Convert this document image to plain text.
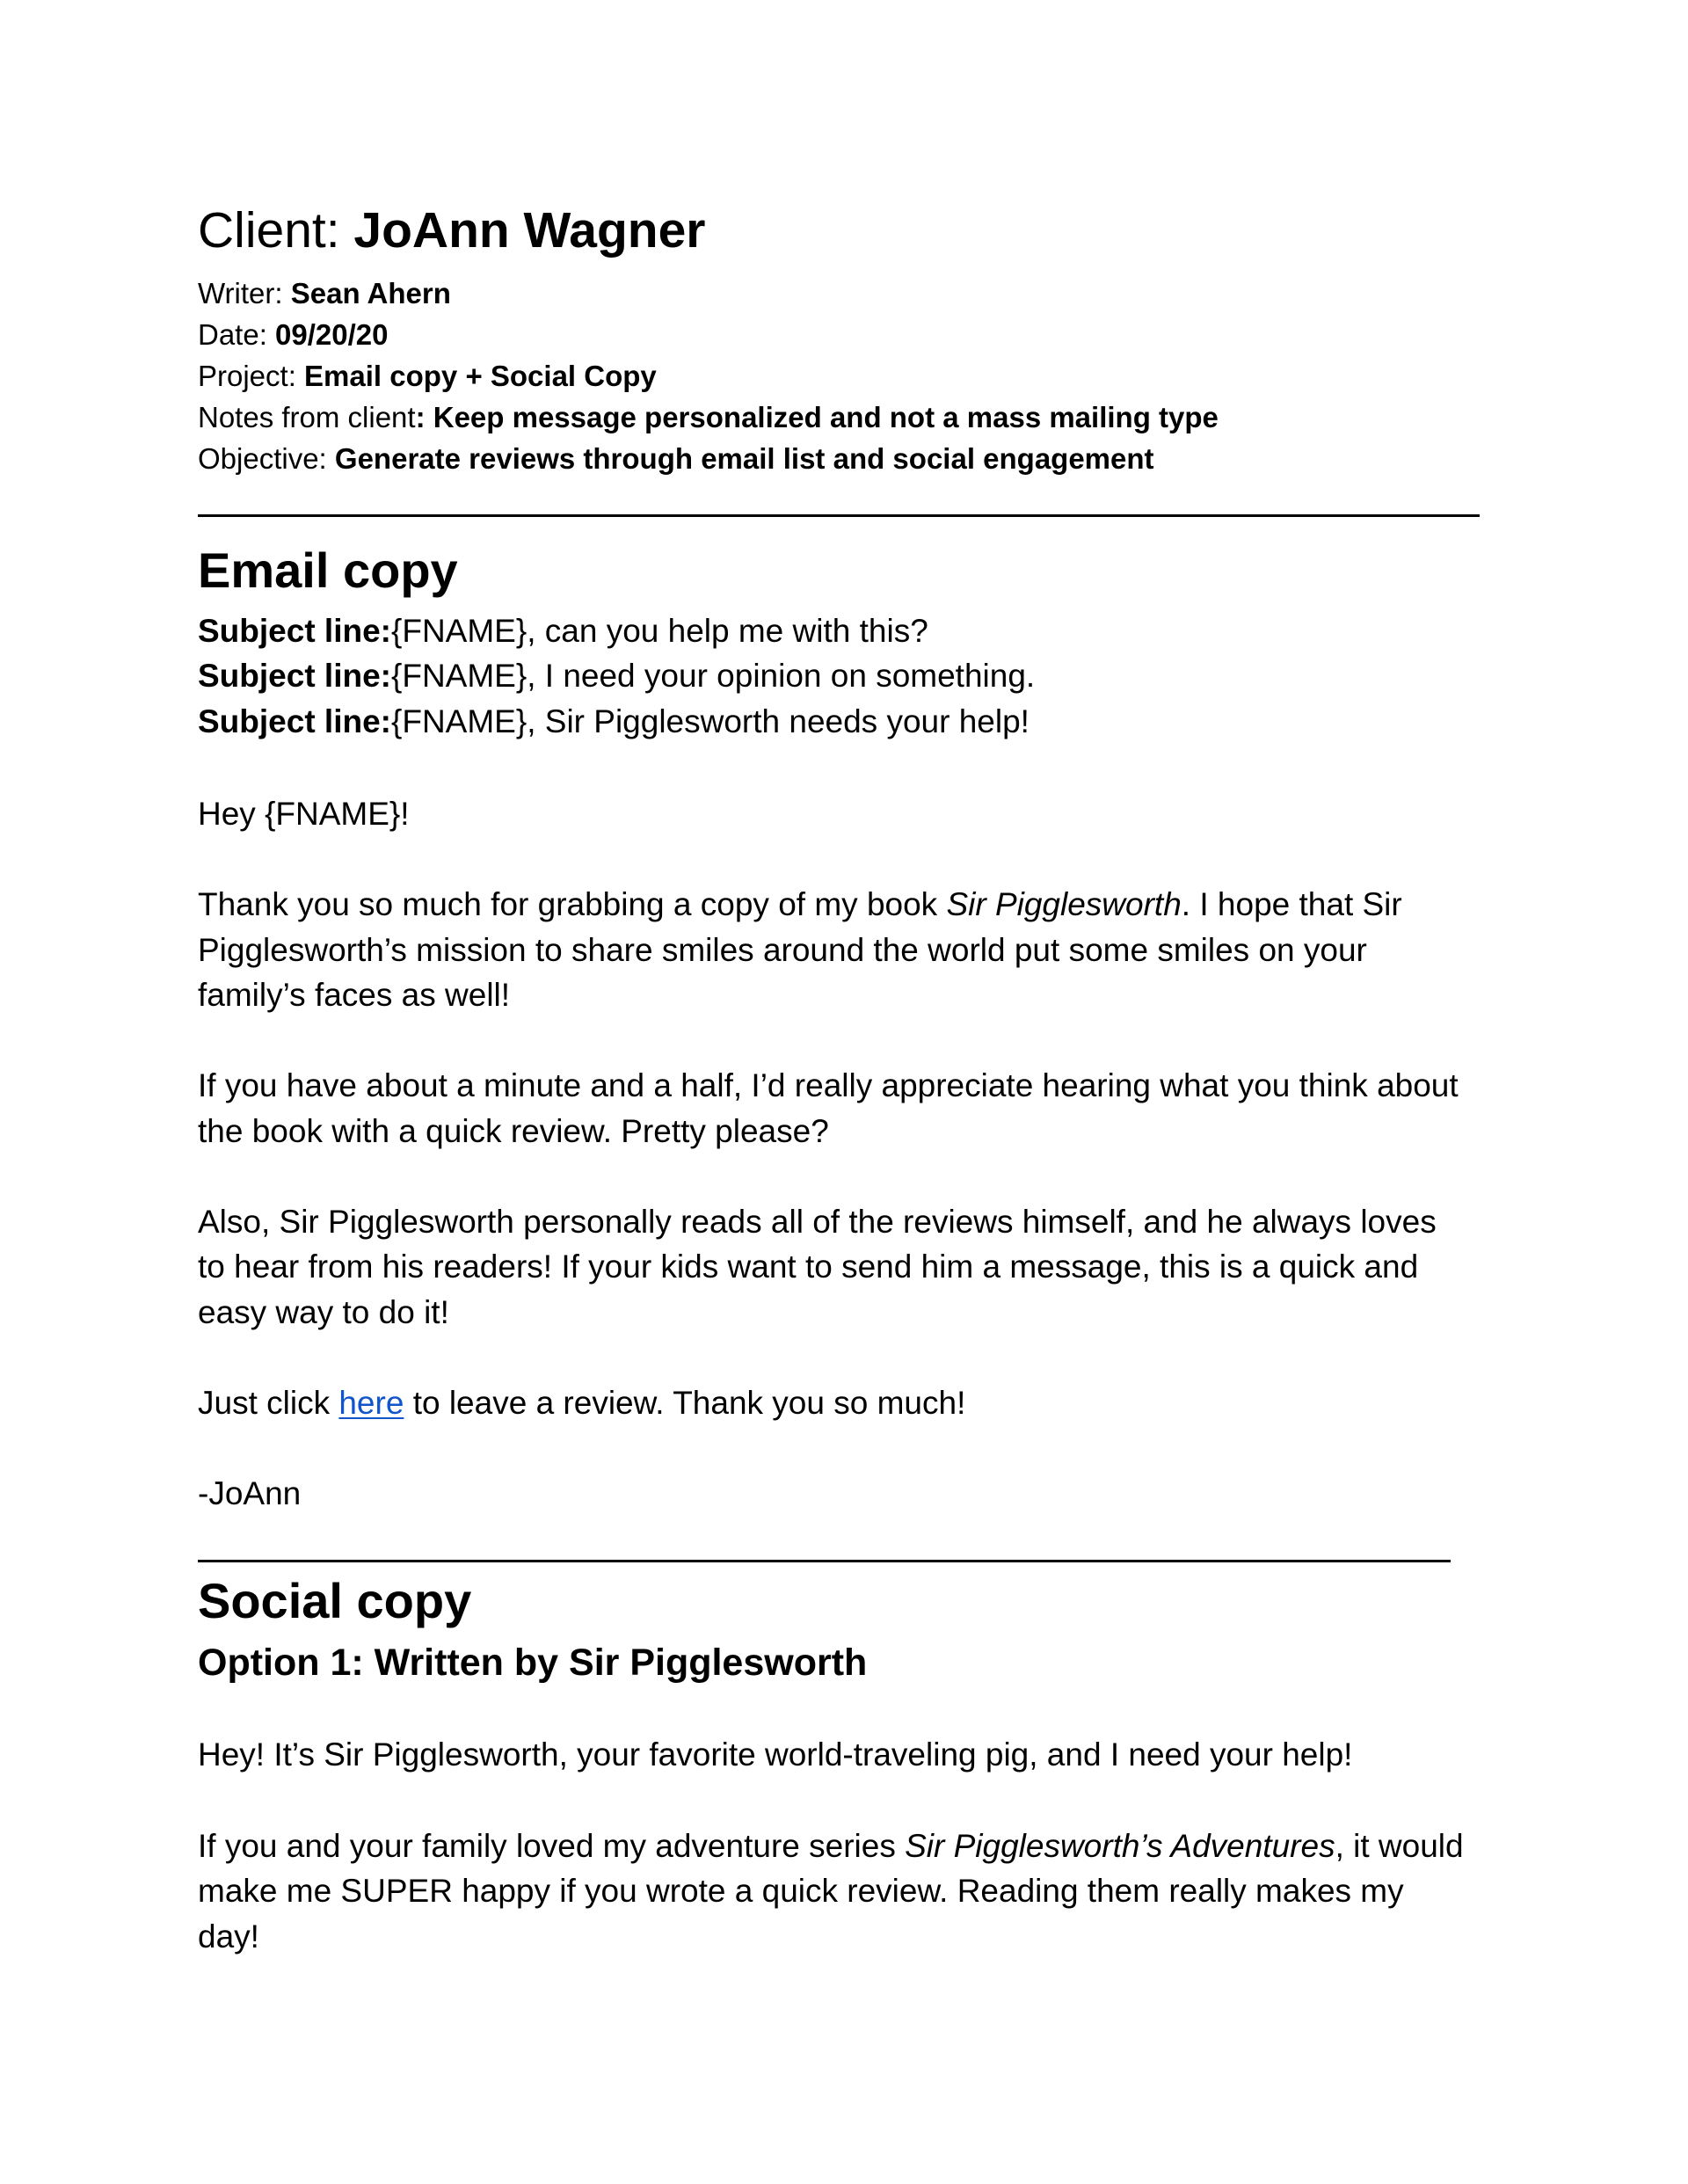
Client: JoAnn Wagner
Writer: Sean Ahern
Date: 09/20/20
Project: Email copy + Social Copy
Notes from client: Keep message personalized and not a mass mailing type
Objective: Generate reviews through email list and social engagement
Email copy
Subject line:{FNAME}, can you help me with this?
Subject line:{FNAME}, I need your opinion on something.
Subject line:{FNAME}, Sir Pigglesworth needs your help!
Hey {FNAME}!
Thank you so much for grabbing a copy of my book Sir Pigglesworth. I hope that Sir
Pigglesworth’s mission to share smiles around the world put some smiles on your
family’s faces as well!
If you have about a minute and a half, I’d really appreciate hearing what you think about
the book with a quick review. Pretty please?
Also, Sir Pigglesworth personally reads all of the reviews himself, and he always loves
to hear from his readers! If your kids want to send him a message, this is a quick and
easy way to do it!
Just click here to leave a review. Thank you so much!
-JoAnn
Social copy
Option 1: Written by Sir Pigglesworth
Hey! It’s Sir Pigglesworth, your favorite world-traveling pig, and I need your help!
If you and your family loved my adventure series Sir Pigglesworth’s Adventures, it would
make me SUPER happy if you wrote a quick review. Reading them really makes my
day!
